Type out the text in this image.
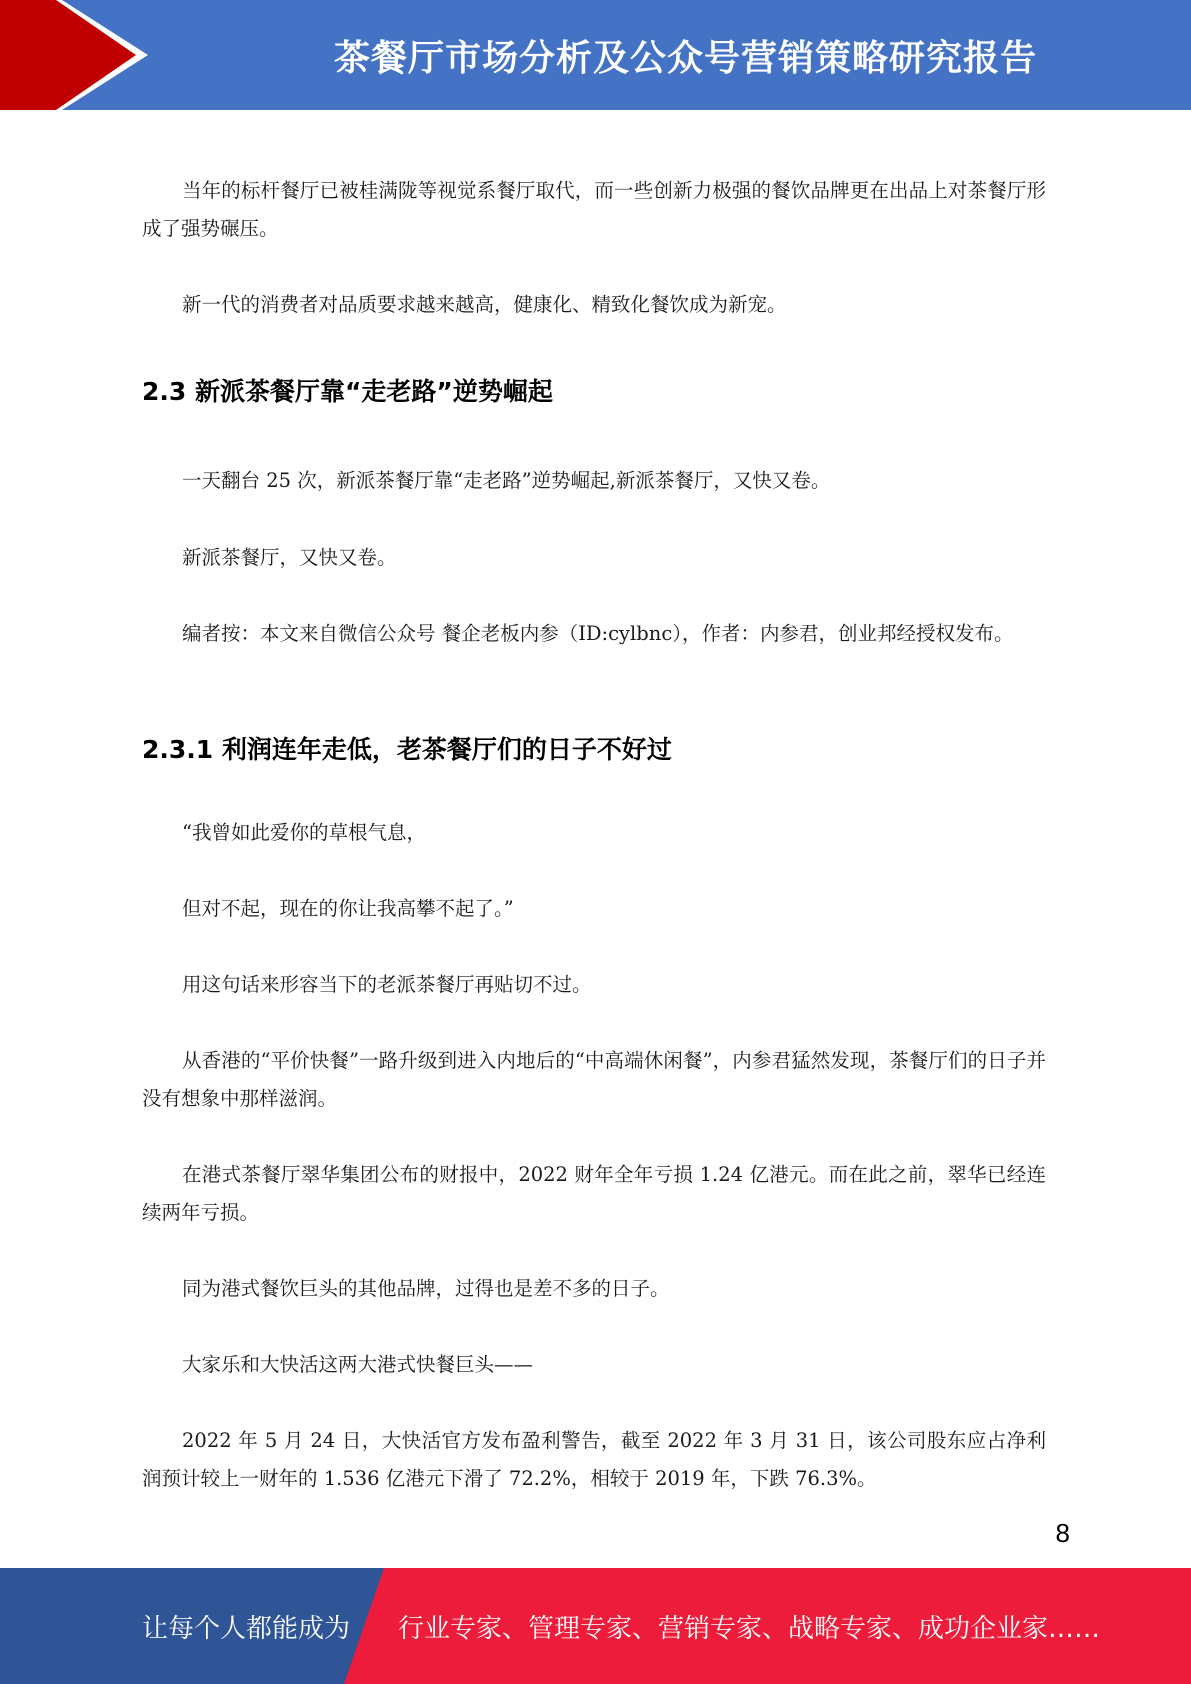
茶餐厅市场分析及公众号营销策略研究报告

当年的标杆餐厅已被桂满陇等视觉系餐厅取代，而一些创新力极强的餐饮品牌更在出品上对茶餐厅形成了强势碾压。

新一代的消费者对品质要求越来越高，健康化、精致化餐饮成为新宠。

2.3 新派茶餐厅靠“走老路”逆势崛起

一天翻台 25 次，新派茶餐厅靠“走老路”逆势崛起,新派茶餐厅，又快又卷。

新派茶餐厅，又快又卷。

编者按：本文来自微信公众号 餐企老板内参（ID:cylbnc），作者：内参君，创业邦经授权发布。

2.3.1 利润连年走低，老茶餐厅们的日子不好过

“我曾如此爱你的草根气息，

但对不起，现在的你让我高攀不起了。”

用这句话来形容当下的老派茶餐厅再贴切不过。

从香港的“平价快餐”一路升级到进入内地后的“中高端休闲餐”，内参君猛然发现，茶餐厅们的日子并没有想象中那样滋润。

在港式茶餐厅翠华集团公布的财报中，2022 财年全年亏损 1.24 亿港元。而在此之前，翠华已经连续两年亏损。

同为港式餐饮巨头的其他品牌，过得也是差不多的日子。

大家乐和大快活这两大港式快餐巨头——

2022 年 5 月 24 日，大快活官方发布盈利警告，截至 2022 年 3 月 31 日，该公司股东应占净利润预计较上一财年的 1.536 亿港元下滑了 72.2%，相较于 2019 年，下跌 76.3%。

8
让每个人都能成为 行业专家、管理专家、营销专家、战略专家、成功企业家……
